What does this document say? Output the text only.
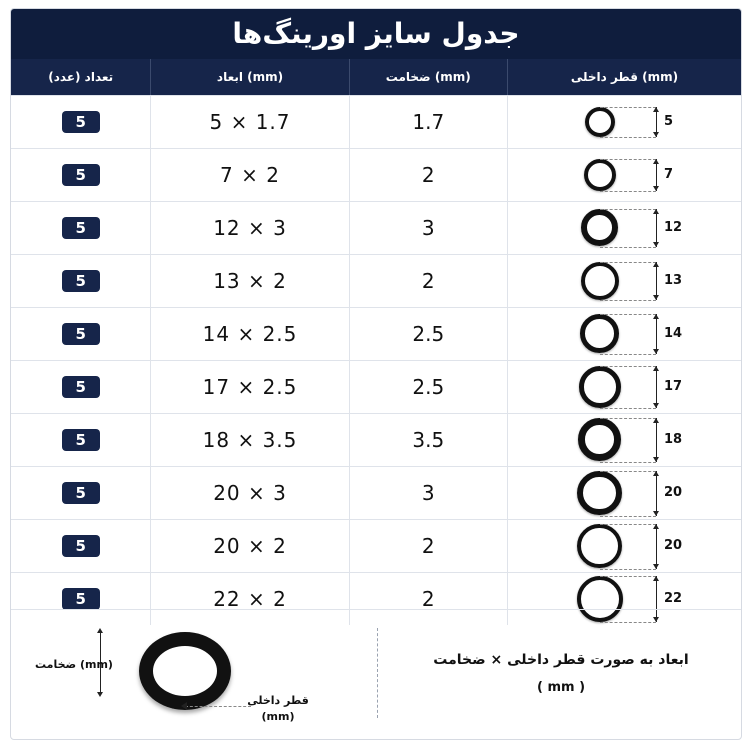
جدول سایز اورینگ‌ها
تعداد (عدد)	ابعاد (mm)	ضخامت (mm)	قطر داخلی (mm)
5	5 × 1.7	1.7	5
5	7 × 2	2	7
5	12 × 3	3	12
5	13 × 2	2	13
5	14 × 2.5	2.5	14
5	17 × 2.5	2.5	17
5	18 × 3.5	3.5	18
5	20 × 3	3	20
5	20 × 2	2	20
5	22 × 2	2	22
ضخامت (mm)
قطر داخلی
(mm)
ابعاد به صورت قطر داخلی × ضخامت
( mm )
